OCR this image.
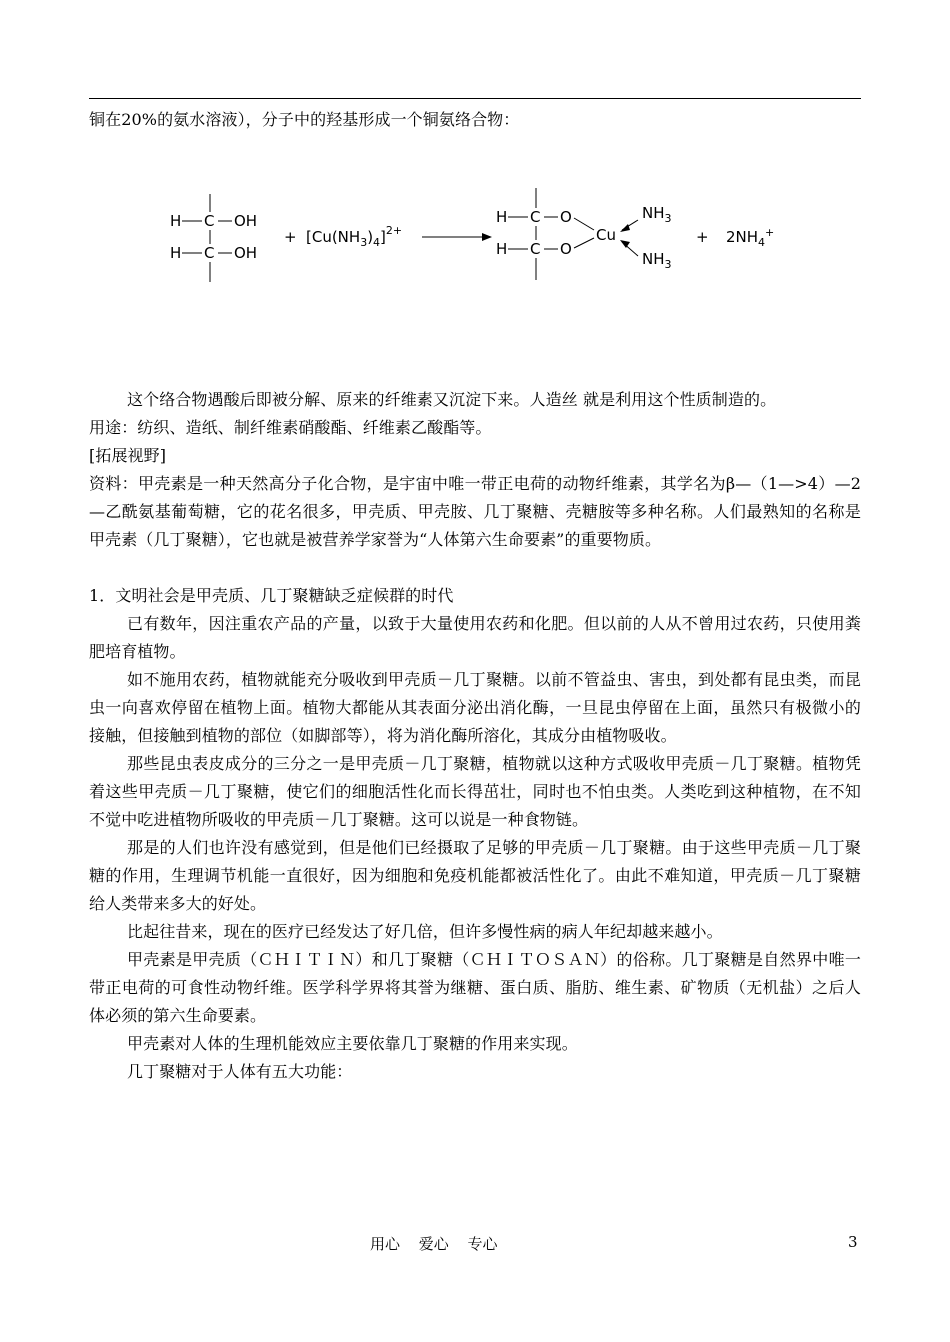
铜在20%的氨水溶液），分子中的羟基形成一个铜氨络合物：

H C OH
H C OH
+ $[Cu(NH_3)_4]^{2+}$
H C O
H C O
Cu
$NH_3$
$NH_3$
+ $2NH_4^+$

这个络合物遇酸后即被分解、原来的纤维素又沉淀下来。人造丝 就是利用这个性质制造的。

用途：纺织、造纸、制纤维素硝酸酯、纤维素乙酸酯等。

[拓展视野]

资料：甲壳素是一种天然高分子化合物，是宇宙中唯一带正电荷的动物纤维素，其学名为β—（1—>4）—2—乙酰氨基葡萄糖，它的花名很多，甲壳质、甲壳胺、几丁聚糖、壳糖胺等多种名称。人们最熟知的名称是甲壳素（几丁聚糖），它也就是被营养学家誉为“人体第六生命要素”的重要物质。

1．文明社会是甲壳质、几丁聚糖缺乏症候群的时代

已有数年，因注重农产品的产量，以致于大量使用农药和化肥。但以前的人从不曾用过农药，只使用粪肥培育植物。

如不施用农药，植物就能充分吸收到甲壳质－几丁聚糖。以前不管益虫、害虫，到处都有昆虫类，而昆虫一向喜欢停留在植物上面。植物大都能从其表面分泌出消化酶，一旦昆虫停留在上面，虽然只有极微小的接触，但接触到植物的部位（如脚部等），将为消化酶所溶化，其成分由植物吸收。

那些昆虫表皮成分的三分之一是甲壳质－几丁聚糖，植物就以这种方式吸收甲壳质－几丁聚糖。植物凭着这些甲壳质－几丁聚糖，使它们的细胞活性化而长得茁壮，同时也不怕虫类。人类吃到这种植物，在不知不觉中吃进植物所吸收的甲壳质－几丁聚糖。这可以说是一种食物链。

那是的人们也许没有感觉到，但是他们已经摄取了足够的甲壳质－几丁聚糖。由于这些甲壳质－几丁聚糖的作用，生理调节机能一直很好，因为细胞和免疫机能都被活性化了。由此不难知道，甲壳质－几丁聚糖给人类带来多大的好处。

比起往昔来，现在的医疗已经发达了好几倍，但许多慢性病的病人年纪却越来越小。

甲壳素是甲壳质（ＣＨＩＴＩＮ）和几丁聚糖（ＣＨＩＴＯＳＡＮ）的俗称。几丁聚糖是自然界中唯一带正电荷的可食性动物纤维。医学科学界将其誉为继糖、蛋白质、脂肪、维生素、矿物质（无机盐）之后人体必须的第六生命要素。

甲壳素对人体的生理机能效应主要依靠几丁聚糖的作用来实现。

几丁聚糖对于人体有五大功能：

用心 爱心 专心	3
